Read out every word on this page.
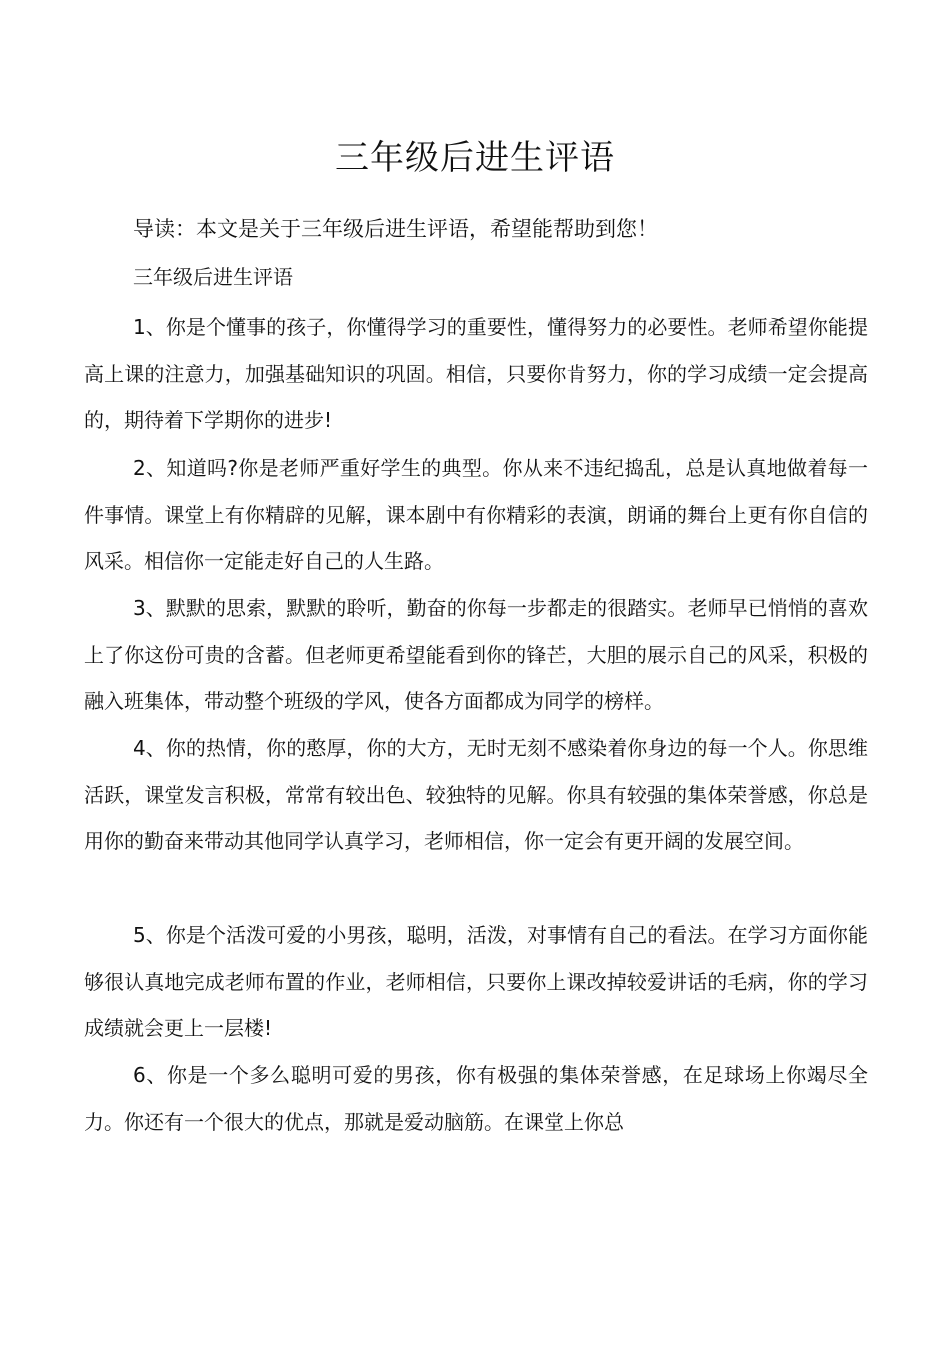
三年级后进生评语
导读：本文是关于三年级后进生评语，希望能帮助到您！
三年级后进生评语

1、你是个懂事的孩子，你懂得学习的重要性，懂得努力的必要性。老师希望你能提高上课的注意力，加强基础知识的巩固。相信，只要你肯努力，你的学习成绩一定会提高的，期待着下学期你的进步!

2、知道吗?你是老师严重好学生的典型。你从来不违纪捣乱，总是认真地做着每一件事情。课堂上有你精辟的见解，课本剧中有你精彩的表演，朗诵的舞台上更有你自信的风采。相信你一定能走好自己的人生路。

3、默默的思索，默默的聆听，勤奋的你每一步都走的很踏实。老师早已悄悄的喜欢上了你这份可贵的含蓄。但老师更希望能看到你的锋芒，大胆的展示自己的风采，积极的融入班集体，带动整个班级的学风，使各方面都成为同学的榜样。

4、你的热情，你的憨厚，你的大方，无时无刻不感染着你身边的每一个人。你思维活跃，课堂发言积极，常常有较出色、较独特的见解。你具有较强的集体荣誉感，你总是用你的勤奋来带动其他同学认真学习，老师相信，你一定会有更开阔的发展空间。

5、你是个活泼可爱的小男孩，聪明，活泼，对事情有自己的看法。在学习方面你能够很认真地完成老师布置的作业，老师相信，只要你上课改掉较爱讲话的毛病，你的学习成绩就会更上一层楼!

6、你是一个多么聪明可爱的男孩，你有极强的集体荣誉感，在足球场上你竭尽全力。你还有一个很大的优点，那就是爱动脑筋。在课堂上你总
